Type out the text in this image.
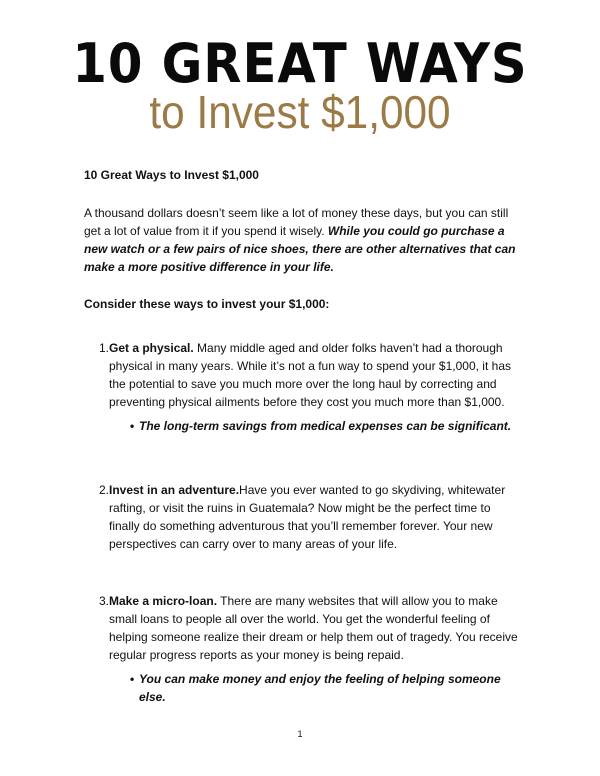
10 GREAT WAYS
to Invest $1,000

10 Great Ways to Invest $1,000

A thousand dollars doesn’t seem like a lot of money these days, but you can still get a lot of value from it if you spend it wisely. While you could go purchase a new watch or a few pairs of nice shoes, there are other alternatives that can make a more positive difference in your life.

Consider these ways to invest your $1,000:

1. Get a physical. Many middle aged and older folks haven’t had a thorough physical in many years. While it’s not a fun way to spend your $1,000, it has the potential to save you much more over the long haul by correcting and preventing physical ailments before they cost you much more than $1,000.
• The long-term savings from medical expenses can be significant.
2. Invest in an adventure.Have you ever wanted to go skydiving, whitewater rafting, or visit the ruins in Guatemala? Now might be the perfect time to finally do something adventurous that you’ll remember forever. Your new perspectives can carry over to many areas of your life.
3. Make a micro-loan. There are many websites that will allow you to make small loans to people all over the world. You get the wonderful feeling of helping someone realize their dream or help them out of tragedy. You receive regular progress reports as your money is being repaid.
• You can make money and enjoy the feeling of helping someone else.
1
